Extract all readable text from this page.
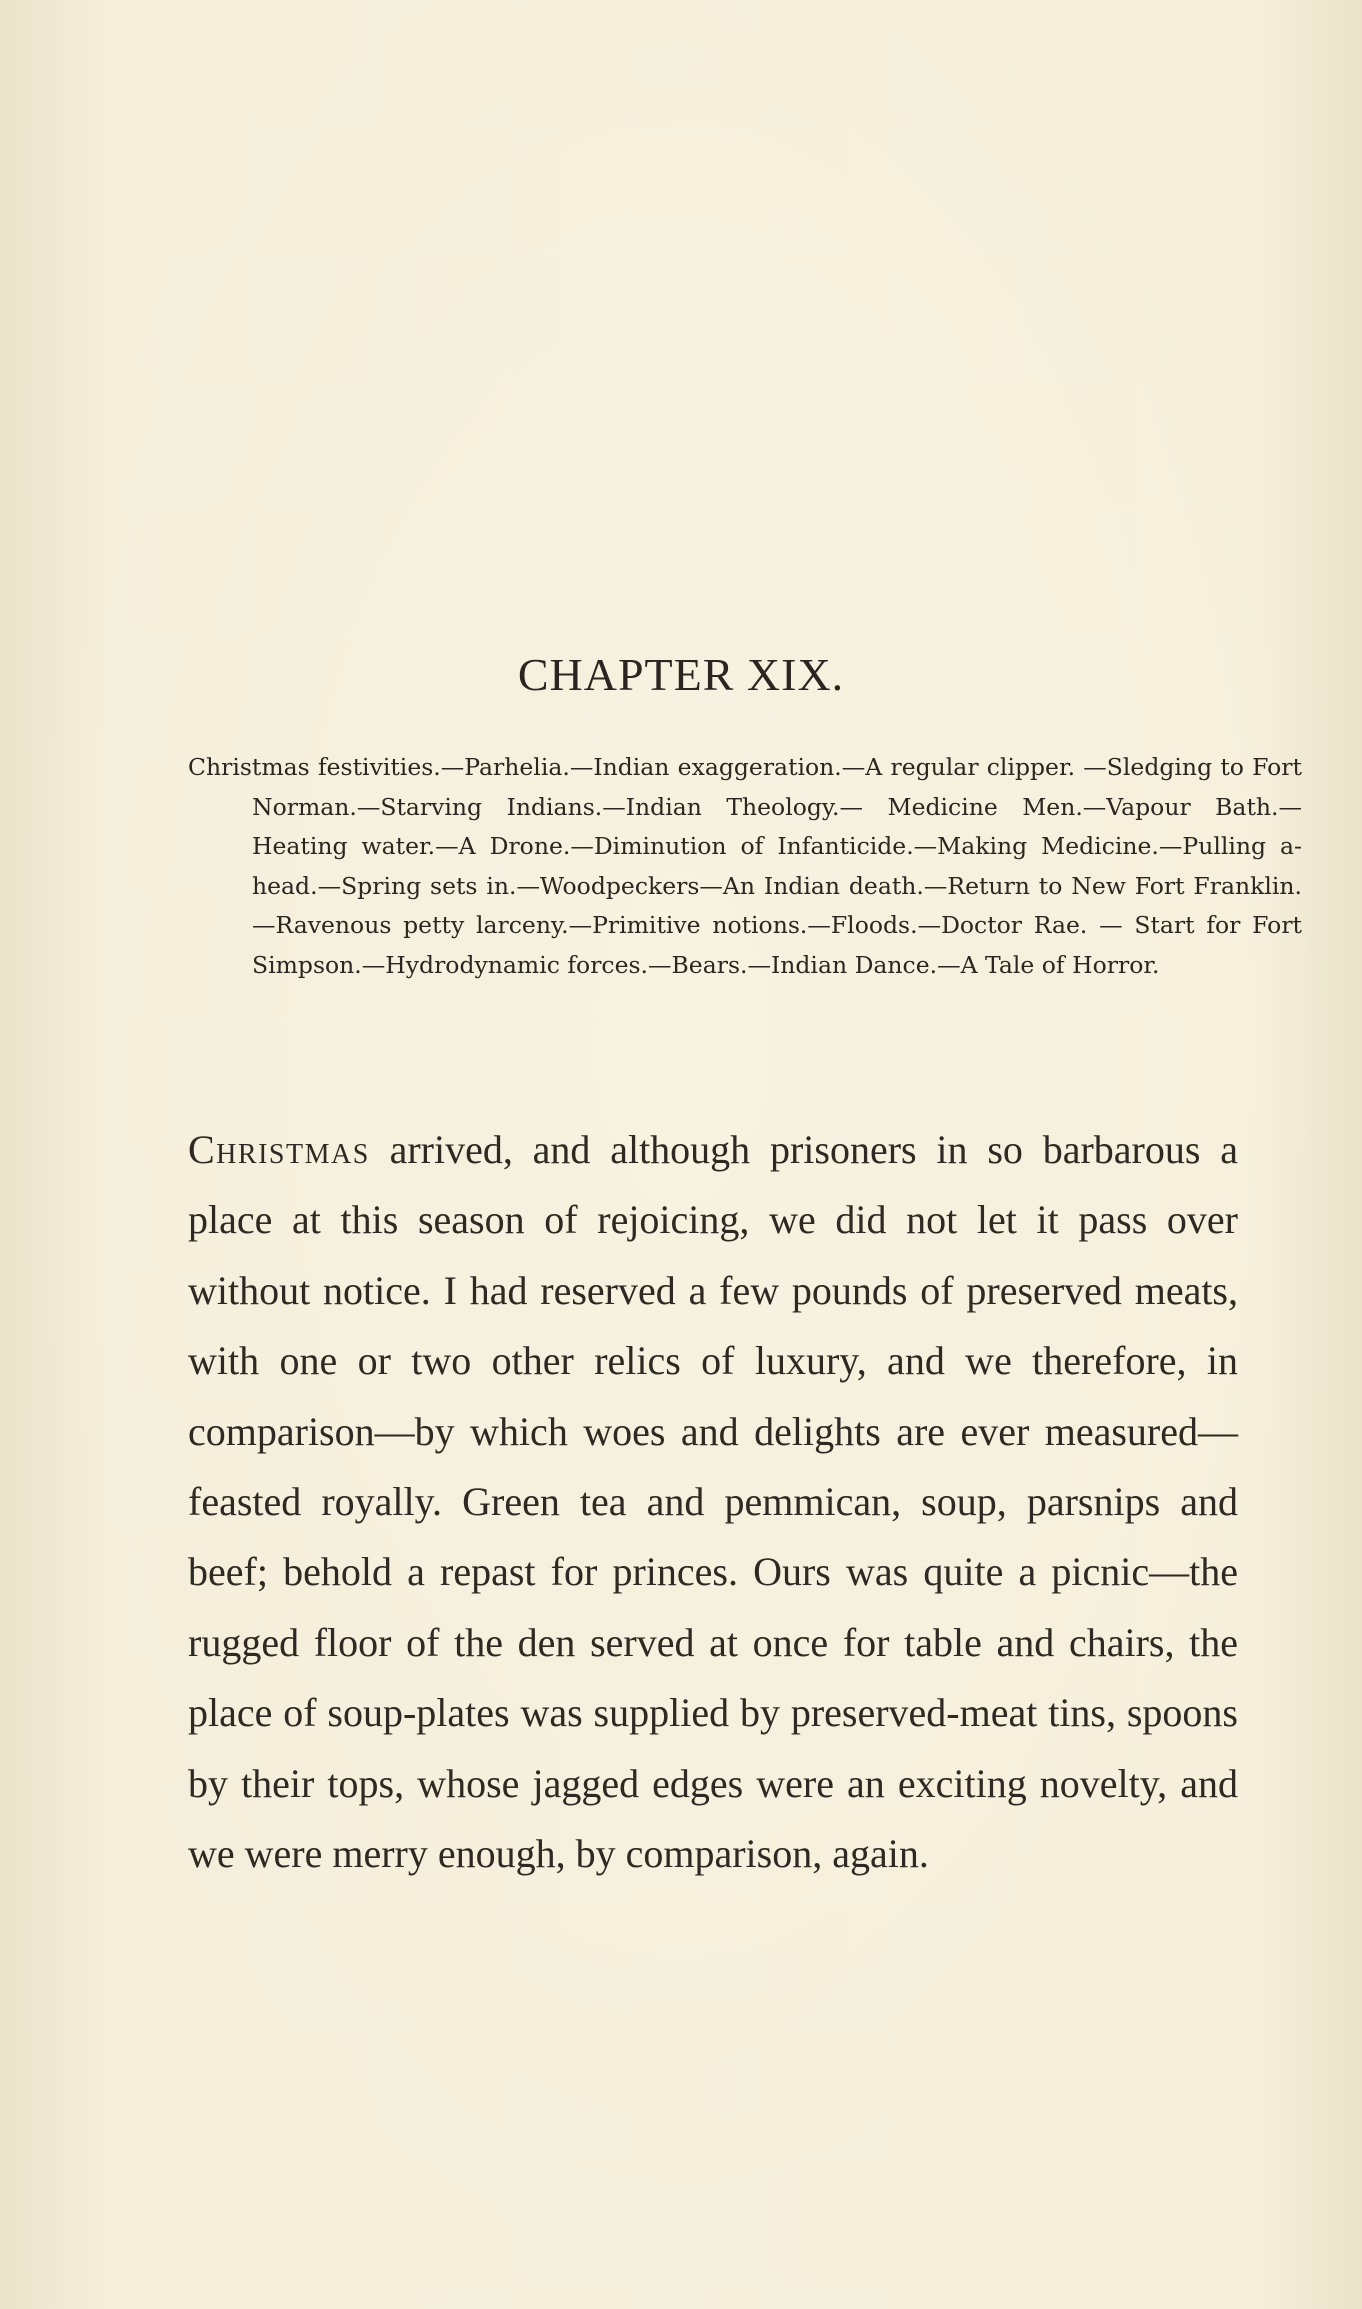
CHAPTER XIX.

Christmas festivities.—Parhelia.—Indian exaggeration.—A regular clipper. —Sledging to Fort Norman.—Starving Indians.—Indian Theology.— Medicine Men.—Vapour Bath.—Heating water.—A Drone.—Diminution of Infanticide.—Making Medicine.—Pulling a-head.—Spring sets in.—Woodpeckers—An Indian death.—Return to New Fort Franklin. —Ravenous petty larceny.—Primitive notions.—Floods.—Doctor Rae. — Start for Fort Simpson.—Hydrodynamic forces.—Bears.—Indian Dance.—A Tale of Horror.

Christmas arrived, and although prisoners in so barbarous a place at this season of rejoicing, we did not let it pass over without notice. I had reserved a few pounds of preserved meats, with one or two other relics of luxury, and we therefore, in comparison—by which woes and delights are ever measured—feasted royally. Green tea and pemmican, soup, parsnips and beef; behold a repast for princes. Ours was quite a picnic—the rugged floor of the den served at once for table and chairs, the place of soup-plates was supplied by preserved-meat tins, spoons by their tops, whose jagged edges were an exciting novelty, and we were merry enough, by comparison, again.
